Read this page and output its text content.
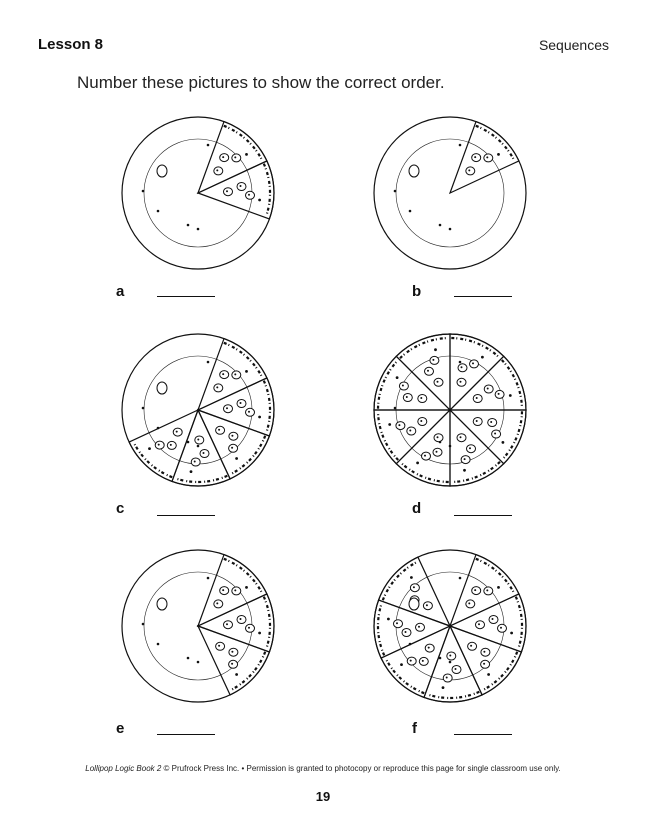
Lesson 8	Sequences
Number these pictures to show the correct order.
a	b
c	d
e	f
Lollipop Logic Book 2 © Prufrock Press Inc. • Permission is granted to photocopy or reproduce this page for single classroom use only.
19
